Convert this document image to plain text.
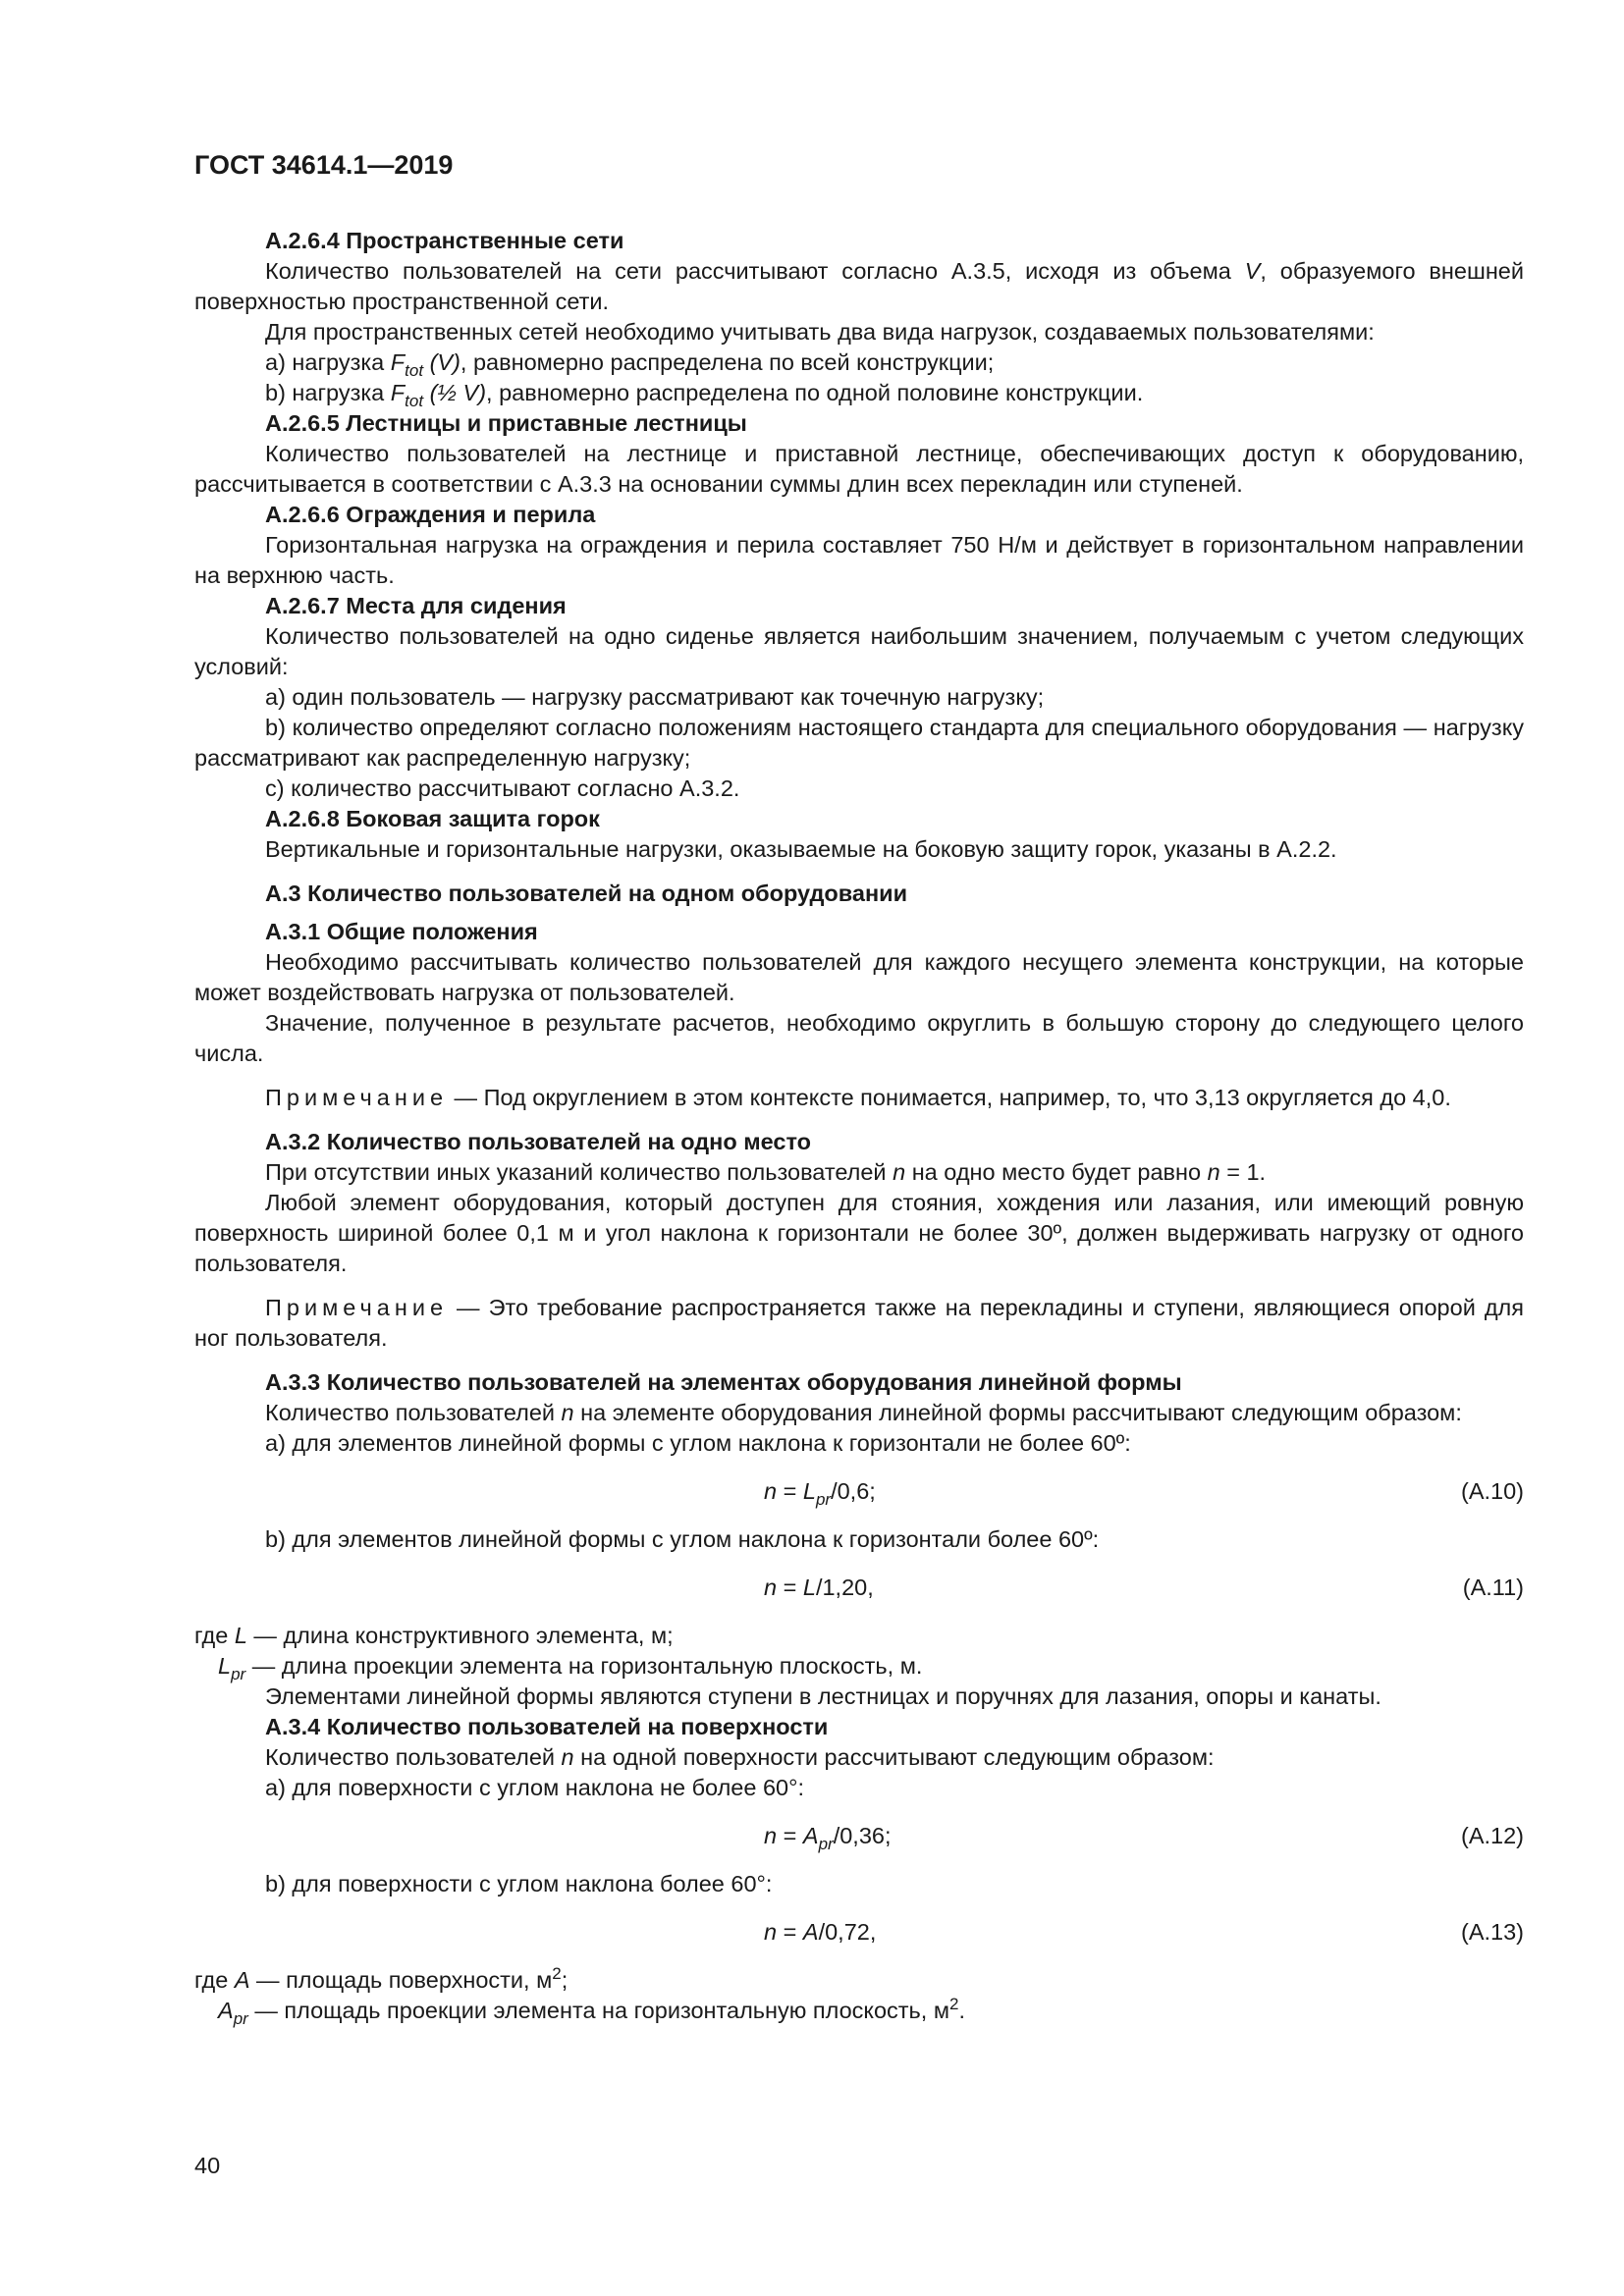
ГОСТ 34614.1—2019
А.2.6.4 Пространственные сети
Количество пользователей на сети рассчитывают согласно А.3.5, исходя из объема V, образуемого внешней поверхностью пространственной сети.
Для пространственных сетей необходимо учитывать два вида нагрузок, создаваемых пользователями:
а) нагрузка $F_{tot}$ (V), равномерно распределена по всей конструкции;
b) нагрузка $F_{tot}$ (½ V), равномерно распределена по одной половине конструкции.
А.2.6.5 Лестницы и приставные лестницы
Количество пользователей на лестнице и приставной лестнице, обеспечивающих доступ к оборудованию, рассчитывается в соответствии с А.3.3 на основании суммы длин всех перекладин или ступеней.
А.2.6.6 Ограждения и перила
Горизонтальная нагрузка на ограждения и перила составляет 750 Н/м и действует в горизонтальном направлении на верхнюю часть.
А.2.6.7 Места для сидения
Количество пользователей на одно сиденье является наибольшим значением, получаемым с учетом следующих условий:
а) один пользователь — нагрузку рассматривают как точечную нагрузку;
b) количество определяют согласно положениям настоящего стандарта для специального оборудования — нагрузку рассматривают как распределенную нагрузку;
с) количество рассчитывают согласно А.3.2.
А.2.6.8 Боковая защита горок
Вертикальные и горизонтальные нагрузки, оказываемые на боковую защиту горок, указаны в А.2.2.
А.3 Количество пользователей на одном оборудовании
А.3.1 Общие положения
Необходимо рассчитывать количество пользователей для каждого несущего элемента конструкции, на которые может воздействовать нагрузка от пользователей.
Значение, полученное в результате расчетов, необходимо округлить в большую сторону до следующего целого числа.
Примечание — Под округлением в этом контексте понимается, например, то, что 3,13 округляется до 4,0.
А.3.2 Количество пользователей на одно место
При отсутствии иных указаний количество пользователей n на одно место будет равно n = 1.
Любой элемент оборудования, который доступен для стояния, хождения или лазания, или имеющий ровную поверхность шириной более 0,1 м и угол наклона к горизонтали не более 30º, должен выдерживать нагрузку от одного пользователя.
Примечание — Это требование распространяется также на перекладины и ступени, являющиеся опорой для ног пользователя.
А.3.3 Количество пользователей на элементах оборудования линейной формы
Количество пользователей n на элементе оборудования линейной формы рассчитывают следующим образом:
а) для элементов линейной формы с углом наклона к горизонтали не более 60º:
$n = L_{pr}/0,6$;	(А.10)
b) для элементов линейной формы с углом наклона к горизонтали более 60º:
n = L/1,20,	(А.11)
где L — длина конструктивного элемента, м;
$L_{pr}$ — длина проекции элемента на горизонтальную плоскость, м.
Элементами линейной формы являются ступени в лестницах и поручнях для лазания, опоры и канаты.
А.3.4 Количество пользователей на поверхности
Количество пользователей n на одной поверхности рассчитывают следующим образом:
а) для поверхности с углом наклона не более 60°:
$n = A_{pr}/0,36$;	(А.12)
b) для поверхности с углом наклона более 60°:
n = A/0,72,	(А.13)
где A — площадь поверхности, $м^2$;
$A_{pr}$ — площадь проекции элемента на горизонтальную плоскость, $м^2$.
40
